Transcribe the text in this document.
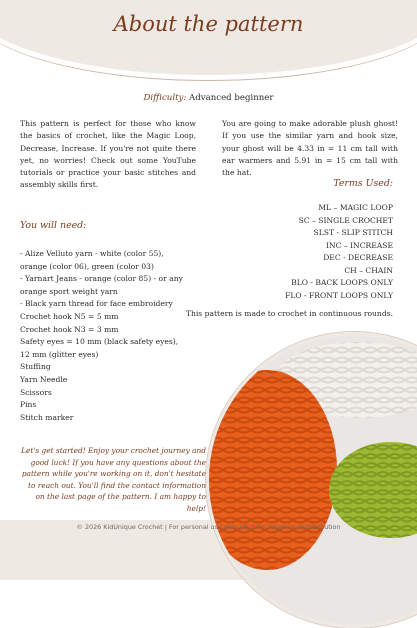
About the pattern
Difficulty: Advanced beginner
This pattern is perfect for those who know the basics of crochet, like the Magic Loop, Decrease, Increase. If you're not quite there yet, no worries! Check out some YouTube tutorials or practice your basic stitches and assembly skills first.
You are going to make adorable plush ghost! If you use the similar yarn and hook size, your ghost will be 4.33 in = 11 cm tall with ear warmers and 5.91 in = 15 cm tall with the hat.
Terms Used:
ML – MAGIC LOOP
SC – SINGLE CROCHET
SLST - SLIP STITCH
INC – INCREASE
DEC - DECREASE
CH – CHAIN
BLO - BACK LOOPS ONLY
FLO - FRONT LOOPS ONLY
This pattern is made to crochet in continuous rounds.
You will need:
- Alize Velluto yarn - white (color 55),
orange (color 06), green (color 03)
- Yarnart Jeans - orange (color 85) - or any orange sport weight yarn
- Black yarn thread for face embroidery
Crochet hook N5 = 5 mm
Crochet hook N3 = 3 mm
Safety eyes = 10 mm (black safety eyes),
12 mm (glitter eyes)
Stuffing
Yarn Needle
Scissors
Pins
Stitch marker
Let's get started! Enjoy your crochet journey and good luck! If you have any questions about the pattern while you're working on it, don't hesitate to reach out. You'll find the contact information on the last page of the pattern. I am happy to help!
© 2026 KidUnique Crochet | For personal use only | Not for resale or redistribution
